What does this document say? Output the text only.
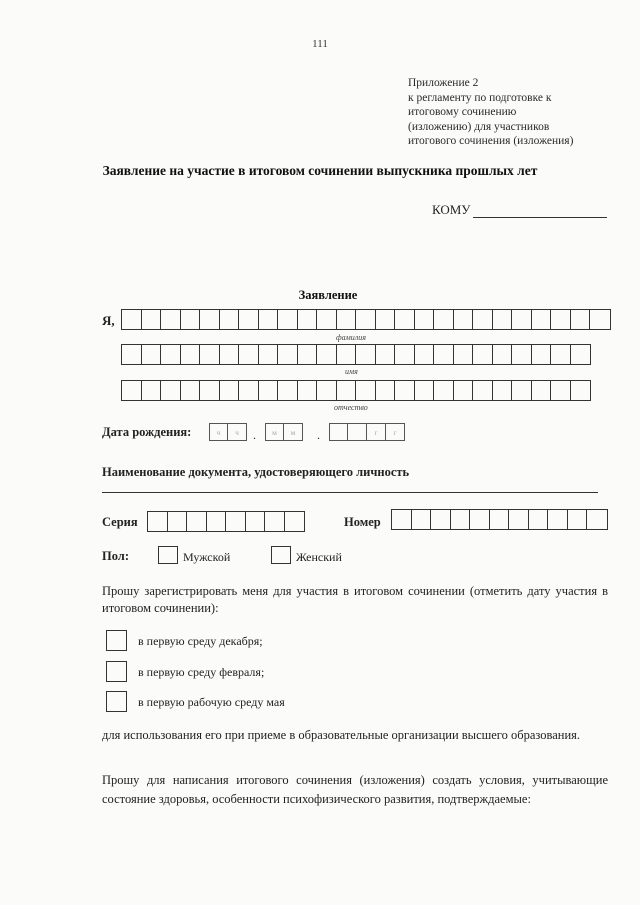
111
Приложение 2
к регламенту по подготовке к
итоговому сочинению
(изложению) для участников
итогового сочинения (изложения)
Заявление на участие в итоговом сочинении выпускника прошлых лет
КОМУ
Заявление
Я,
фамилия
имя
отчество
Дата рождения:	ч	ч	.	м	м	.	г	г
Наименование документа, удостоверяющего личность
Серия	Номер
Пол:	Мужской	Женский
Прошу зарегистрировать меня для участия в итоговом сочинении (отметить дату участия в итоговом сочинении):
в первую среду декабря;
в первую среду февраля;
в первую рабочую среду мая
для использования его при приеме в образовательные организации высшего образования.
Прошу для написания итогового сочинения (изложения) создать условия, учитывающие состояние здоровья, особенности психофизического развития, подтверждаемые:
